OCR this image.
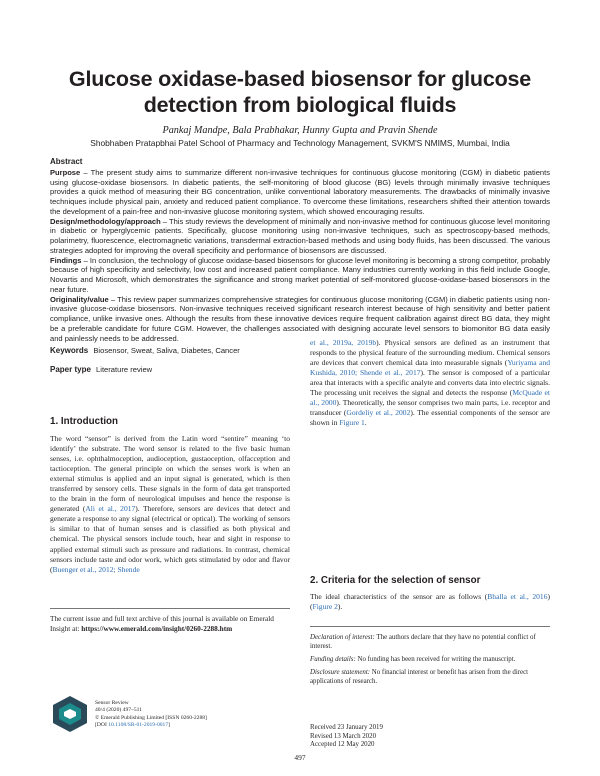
Glucose oxidase-based biosensor for glucose
detection from biological fluids
Pankaj Mandpe, Bala Prabhakar, Hunny Gupta and Pravin Shende
Shobhaben Pratapbhai Patel School of Pharmacy and Technology Management, SVKM'S NMIMS, Mumbai, India
Abstract

Purpose – The present study aims to summarize different non-invasive techniques for continuous glucose monitoring (CGM) in diabetic patients using glucose-oxidase biosensors. In diabetic patients, the self-monitoring of blood glucose (BG) levels through minimally invasive techniques provides a quick method of measuring their BG concentration, unlike conventional laboratory measurements. The drawbacks of minimally invasive techniques include physical pain, anxiety and reduced patient compliance. To overcome these limitations, researchers shifted their attention towards the development of a pain-free and non-invasive glucose monitoring system, which showed encouraging results.

Design/methodology/approach – This study reviews the development of minimally and non-invasive method for continuous glucose level monitoring in diabetic or hyperglycemic patients. Specifically, glucose monitoring using non-invasive techniques, such as spectroscopy-based methods, polarimetry, fluorescence, electromagnetic variations, transdermal extraction-based methods and using body fluids, has been discussed. The various strategies adopted for improving the overall specificity and performance of biosensors are discussed.

Findings – In conclusion, the technology of glucose oxidase-based biosensors for glucose level monitoring is becoming a strong competitor, probably because of high specificity and selectivity, low cost and increased patient compliance. Many industries currently working in this field include Google, Novartis and Microsoft, which demonstrates the significance and strong market potential of self-monitored glucose-oxidase-based biosensors in the near future.

Originality/value – This review paper summarizes comprehensive strategies for continuous glucose monitoring (CGM) in diabetic patients using non-invasive glucose-oxidase biosensors. Non-invasive techniques received significant research interest because of high sensitivity and better patient compliance, unlike invasive ones. Although the results from these innovative devices require frequent calibration against direct BG data, they might be a preferable candidate for future CGM. However, the challenges associated with designing accurate level sensors to biomonitor BG data easily and painlessly needs to be addressed.

Keywords Biosensor, Sweat, Saliva, Diabetes, Cancer
Paper type Literature review
1. Introduction

The word “sensor” is derived from the Latin word “sentire” meaning ‘to identify’ the substrate. The word sensor is related to the five basic human senses, i.e. ophthalmoception, audioception, gustaoception, olfacception and tactioception. The general principle on which the senses work is when an external stimulus is applied and an input signal is generated, which is then transferred by sensory cells. These signals in the form of data get transported to the brain in the form of neurological impulses and hence the response is generated (Ali et al., 2017). Therefore, sensors are devices that detect and generate a response to any signal (electrical or optical). The working of sensors is similar to that of human senses and is classified as both physical and chemical. The physical sensors include touch, hear and sight in response to applied external stimuli such as pressure and radiations. In contrast, chemical sensors include taste and odor work, which gets stimulated by odor and flavor (Buenger et al., 2012; Shende

et al., 2019a, 2019b). Physical sensors are defined as an instrument that responds to the physical feature of the surrounding medium. Chemical sensors are devices that convert chemical data into measurable signals (Yuriyama and Kushida, 2010; Shende et al., 2017). The sensor is composed of a particular area that interacts with a specific analyte and converts data into electric signals. The processing unit receives the signal and detects the response (McQuade et al., 2000). Theoretically, the sensor comprises two main parts, i.e. receptor and transducer (Gordeliy et al., 2002). The essential components of the sensor are shown in Figure 1.

2. Criteria for the selection of sensor

The ideal characteristics of the sensor are as follows (Bhalla et al., 2016) (Figure 2).

The current issue and full text archive of this journal is available on Emerald Insight at: https://www.emerald.com/insight/0260-2288.htm
Sensor Review
40/4 (2020) 497–511
© Emerald Publishing Limited [ISSN 0260-2288]
[DOI 10.1108/SR-01-2019-0017]

Declaration of interest: The authors declare that they have no potential conflict of interest.

Funding details: No funding has been received for writing the manuscript.

Disclosure statement: No financial interest or benefit has arisen from the direct applications of research.

Received 23 January 2019
Revised 13 March 2020
Accepted 12 May 2020
497
